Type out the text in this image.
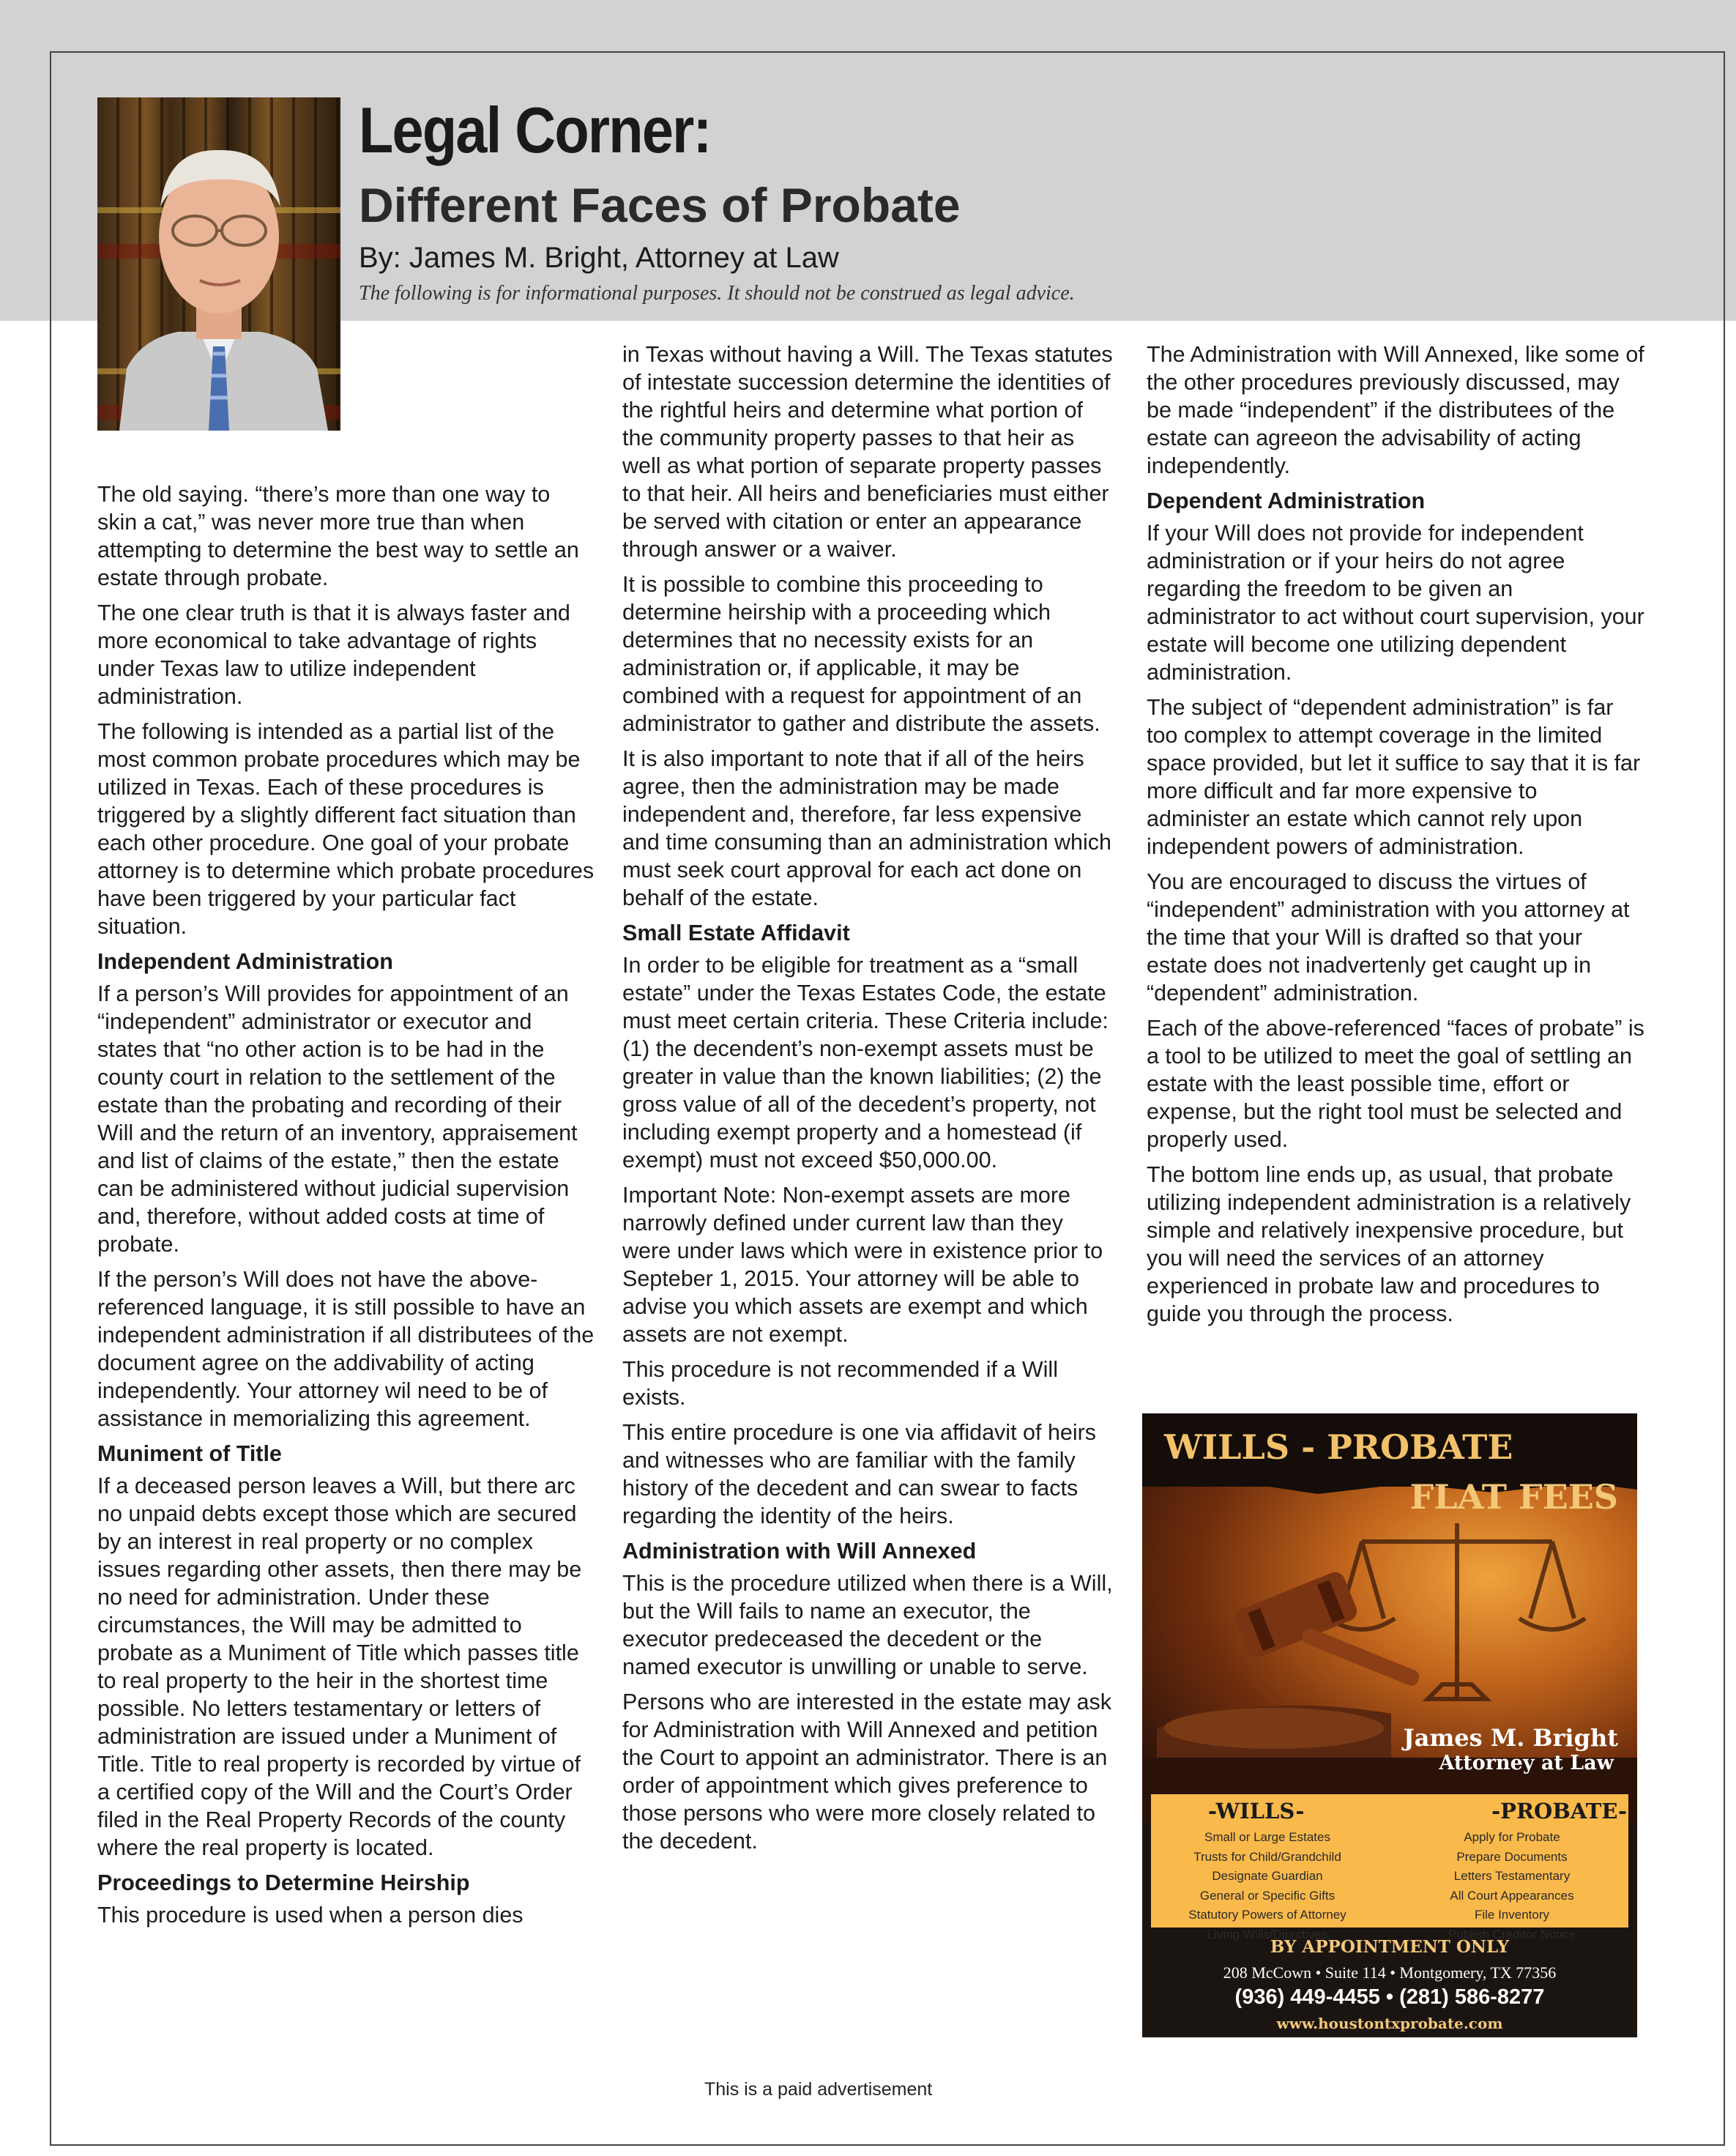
Legal Corner:
Different Faces of Probate

By: James M. Bright, Attorney at Law

The following is for informational purposes. It should not be construed as legal advice.

The old saying. “there’s more than one way to skin a cat,” was never more true than when attempting to determine the best way to settle an estate through probate.

The one clear truth is that it is always faster and more economical to take advantage of rights under Texas law to utilize independent administration.

The following is intended as a partial list of the most common probate procedures which may be utilized in Texas. Each of these procedures is triggered by a slightly different fact situation than each other procedure. One goal of your probate attorney is to determine which probate procedures have been triggered by your particular fact situation.

Independent Administration

If a person’s Will provides for appointment of an “independent” administrator or executor and states that “no other action is to be had in the county court in relation to the settlement of the estate than the probating and recording of their Will and the return of an inventory, appraisement and list of claims of the estate,” then the estate can be administered without judicial supervision and, therefore, without added costs at time of probate.

If the person’s Will does not have the above-referenced language, it is still possible to have an independent administration if all distributees of the document agree on the addivability of acting independently. Your attorney wil need to be of assistance in memorializing this agreement.

Muniment of Title

If a deceased person leaves a Will, but there arc no unpaid debts except those which are secured by an interest in real property or no complex issues regarding other assets, then there may be no need for administration. Under these circumstances, the Will may be admitted to probate as a Muniment of Title which passes title to real property to the heir in the shortest time possible. No letters testamentary or letters of administration are issued under a Muniment of Title. Title to real property is recorded by virtue of a certified copy of the Will and the Court’s Order filed in the Real Property Records of the county where the real property is located.

Proceedings to Determine Heirship

This procedure is used when a person dies

in Texas without having a Will. The Texas statutes of intestate succession determine the identities of the rightful heirs and determine what portion of the community property passes to that heir as well as what portion of separate property passes to that heir. All heirs and beneficiaries must either be served with citation or enter an appearance through answer or a waiver.

It is possible to combine this proceeding to determine heirship with a proceeding which determines that no necessity exists for an administration or, if applicable, it may be combined with a request for appointment of an administrator to gather and distribute the assets.

It is also important to note that if all of the heirs agree, then the administration may be made independent and, therefore, far less expensive and time consuming than an administration which must seek court approval for each act done on behalf of the estate.

Small Estate Affidavit

In order to be eligible for treatment as a “small estate” under the Texas Estates Code, the estate must meet certain criteria. These Criteria include: (1) the decendent’s non-exempt assets must be greater in value than the known liabilities; (2) the gross value of all of the decedent’s property, not including exempt property and a homestead (if exempt) must not exceed $50,000.00.

Important Note: Non-exempt assets are more narrowly defined under current law than they were under laws which were in existence prior to Septeber 1, 2015. Your attorney will be able to advise you which assets are exempt and which assets are not exempt.

This procedure is not recommended if a Will exists.

This entire procedure is one via affidavit of heirs and witnesses who are familiar with the family history of the decedent and can swear to facts regarding the identity of the heirs.

Administration with Will Annexed

This is the procedure utilized when there is a Will, but the Will fails to name an executor, the executor predeceased the decedent or the named executor is unwilling or unable to serve.

Persons who are interested in the estate may ask for Administration with Will Annexed and petition the Court to appoint an administrator. There is an order of appointment which gives preference to those persons who were more closely related to the decedent.

The Administration with Will Annexed, like some of the other procedures previously discussed, may be made “independent” if the distributees of the estate can agreeon the advisability of acting independently.

Dependent Administration

If your Will does not provide for independent administration or if your heirs do not agree regarding the freedom to be given an administrator to act without court supervision, your estate will become one utilizing dependent administration.

The subject of “dependent administration” is far too complex to attempt coverage in the limited space provided, but let it suffice to say that it is far more difficult and far more expensive to administer an estate which cannot rely upon independent powers of administration.

You are encouraged to discuss the virtues of “independent” administration with you attorney at the time that your Will is drafted so that your estate does not inadvertenly get caught up in “dependent” administration.

Each of the above-referenced “faces of probate” is a tool to be utilized to meet the goal of settling an estate with the least possible time, effort or expense, but the right tool must be selected and properly used.

The bottom line ends up, as usual, that probate utilizing independent administration is a relatively simple and relatively inexpensive procedure, but you will need the services of an attorney experienced in probate law and procedures to guide you through the process.

WILLS - PROBATE

FLAT FEES

James M. Bright

Attorney at Law

-WILLS-

Small or Large Estates

Trusts for Child/Grandchild

Designate Guardian

General or Specific Gifts

Statutory Powers of Attorney

Living Wills/Directives

-PROBATE-

Apply for Probate

Prepare Documents

Letters Testamentary

All Court Appearances

File Inventory

Publish Creditor Notice

BY APPOINTMENT ONLY

208 McCown • Suite 114 • Montgomery, TX 77356

(936) 449-4455 • (281) 586-8277

www.houstontxprobate.com

This is a paid advertisement
